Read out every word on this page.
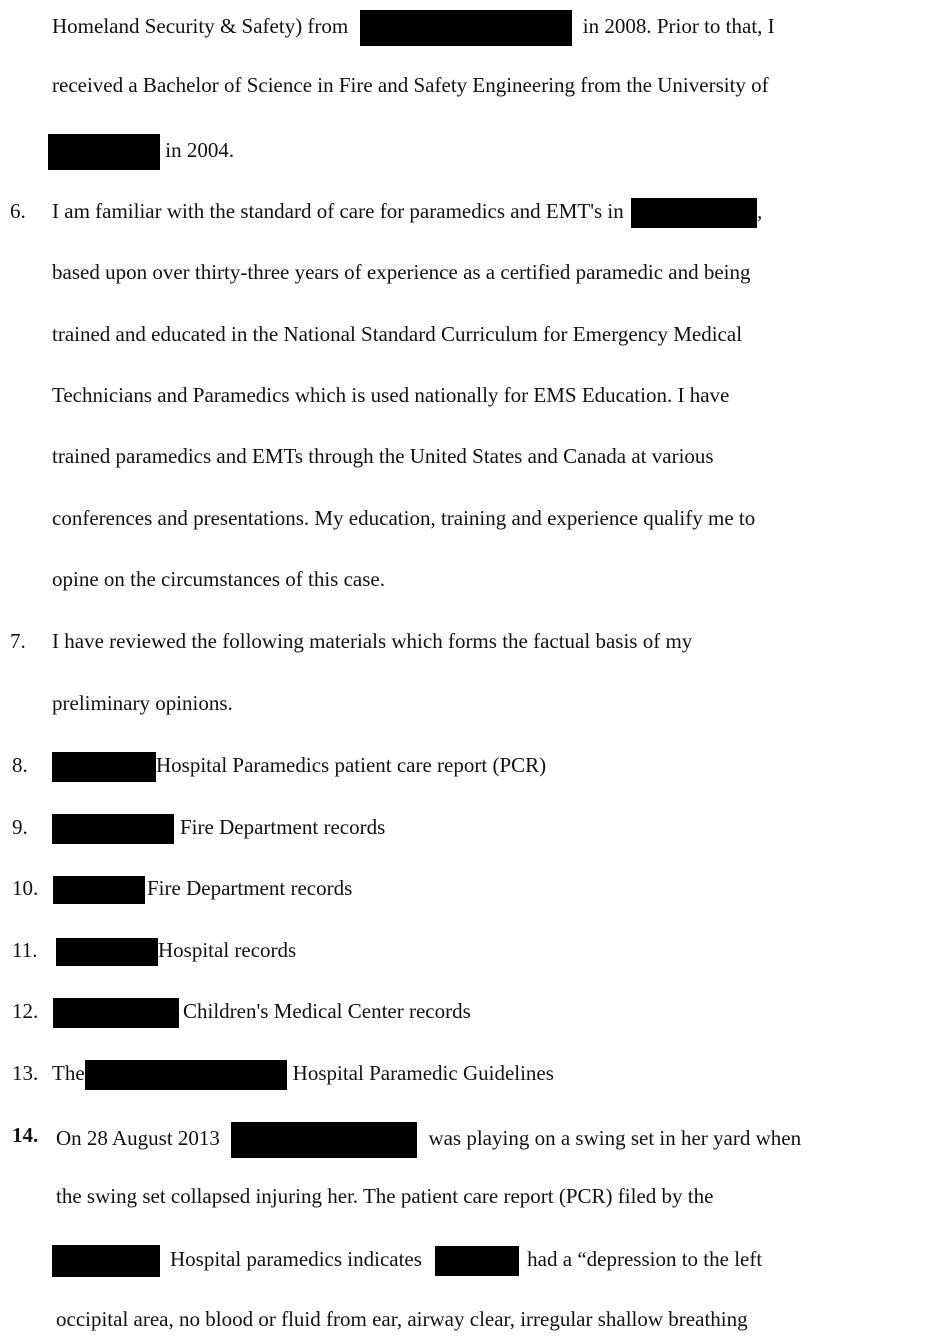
Homeland Security & Safety) from	in 2008. Prior to that, I
received a Bachelor of Science in Fire and Safety Engineering from the University of
in 2004.
6. I am familiar with the standard of care for paramedics and EMT's in	,
based upon over thirty-three years of experience as a certified paramedic and being
trained and educated in the National Standard Curriculum for Emergency Medical
Technicians and Paramedics which is used nationally for EMS Education. I have
trained paramedics and EMTs through the United States and Canada at various
conferences and presentations. My education, training and experience qualify me to
opine on the circumstances of this case.
7. I have reviewed the following materials which forms the factual basis of my
preliminary opinions.
8.	Hospital Paramedics patient care report (PCR)
9.	Fire Department records
10.	Fire Department records
11.	Hospital records
12.	Children's Medical Center records
13. The	Hospital Paramedic Guidelines
14. On 28 August 2013	was playing on a swing set in her yard when
the swing set collapsed injuring her. The patient care report (PCR) filed by the
Hospital paramedics indicates	had a “depression to the left
occipital area, no blood or fluid from ear, airway clear, irregular shallow breathing
